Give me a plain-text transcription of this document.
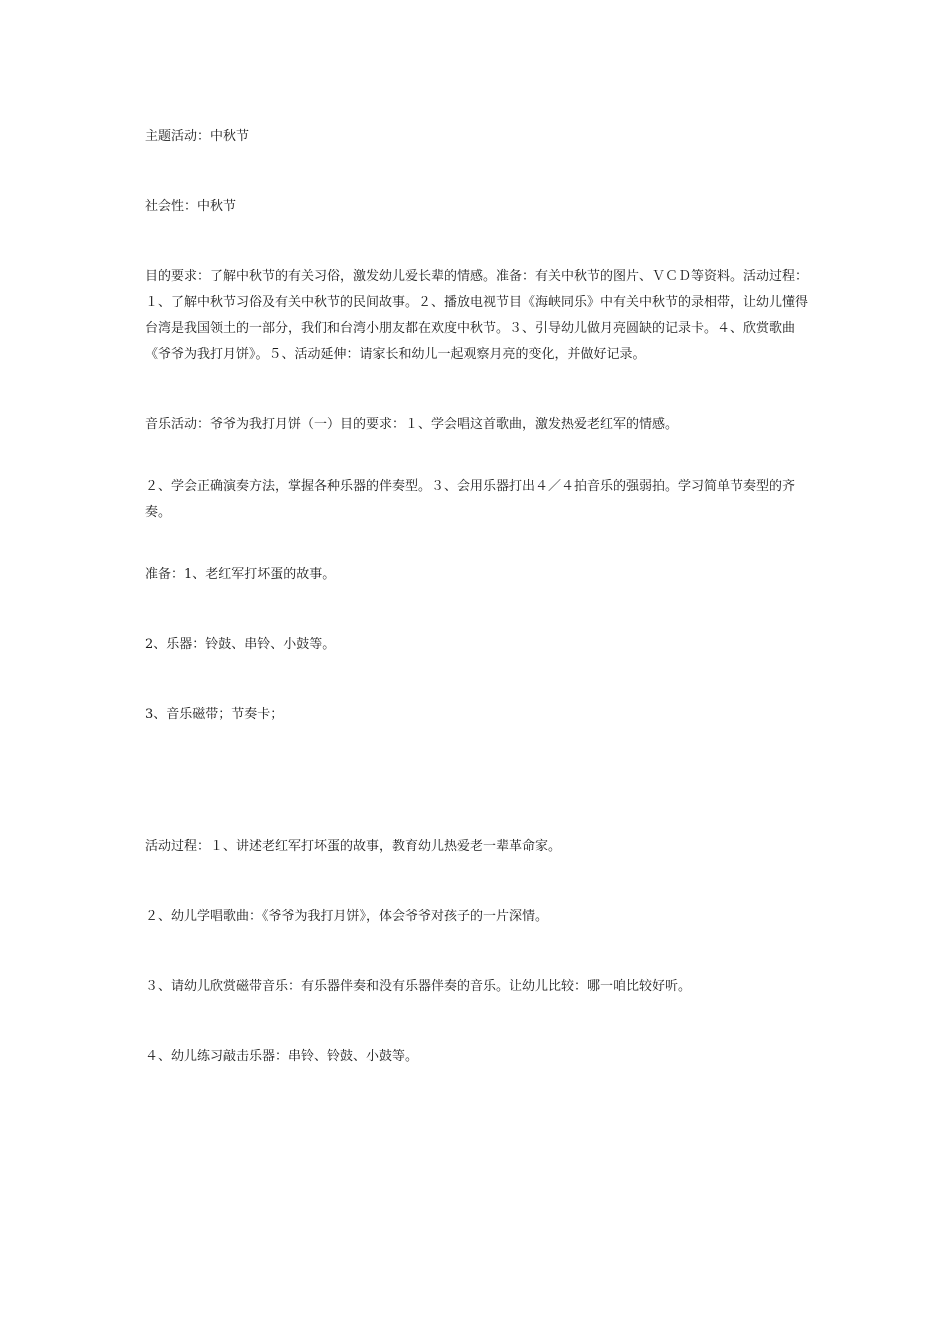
主题活动：中秋节

社会性：中秋节

目的要求：了解中秋节的有关习俗，激发幼儿爱长辈的情感。准备：有关中秋节的图片、ＶＣＤ等资料。活动过程：１、了解中秋节习俗及有关中秋节的民间故事。２、播放电视节目《海峡同乐》中有关中秋节的录相带，让幼儿懂得台湾是我国领土的一部分，我们和台湾小朋友都在欢度中秋节。３、引导幼儿做月亮圆缺的记录卡。４、欣赏歌曲《爷爷为我打月饼》。５、活动延伸：请家长和幼儿一起观察月亮的变化，并做好记录。

音乐活动：爷爷为我打月饼（一）目的要求：１、学会唱这首歌曲，激发热爱老红军的情感。

２、学会正确演奏方法，掌握各种乐器的伴奏型。３、会用乐器打出４／４拍音乐的强弱拍。学习简单节奏型的齐奏。

准备：1、老红军打坏蛋的故事。

2、乐器：铃鼓、串铃、小鼓等。

3、音乐磁带；节奏卡；

活动过程：１、讲述老红军打坏蛋的故事，教育幼儿热爱老一辈革命家。

２、幼儿学唱歌曲：《爷爷为我打月饼》，体会爷爷对孩子的一片深情。

３、请幼儿欣赏磁带音乐：有乐器伴奏和没有乐器伴奏的音乐。让幼儿比较：哪一咱比较好听。

４、幼儿练习敲击乐器：串铃、铃鼓、小鼓等。
